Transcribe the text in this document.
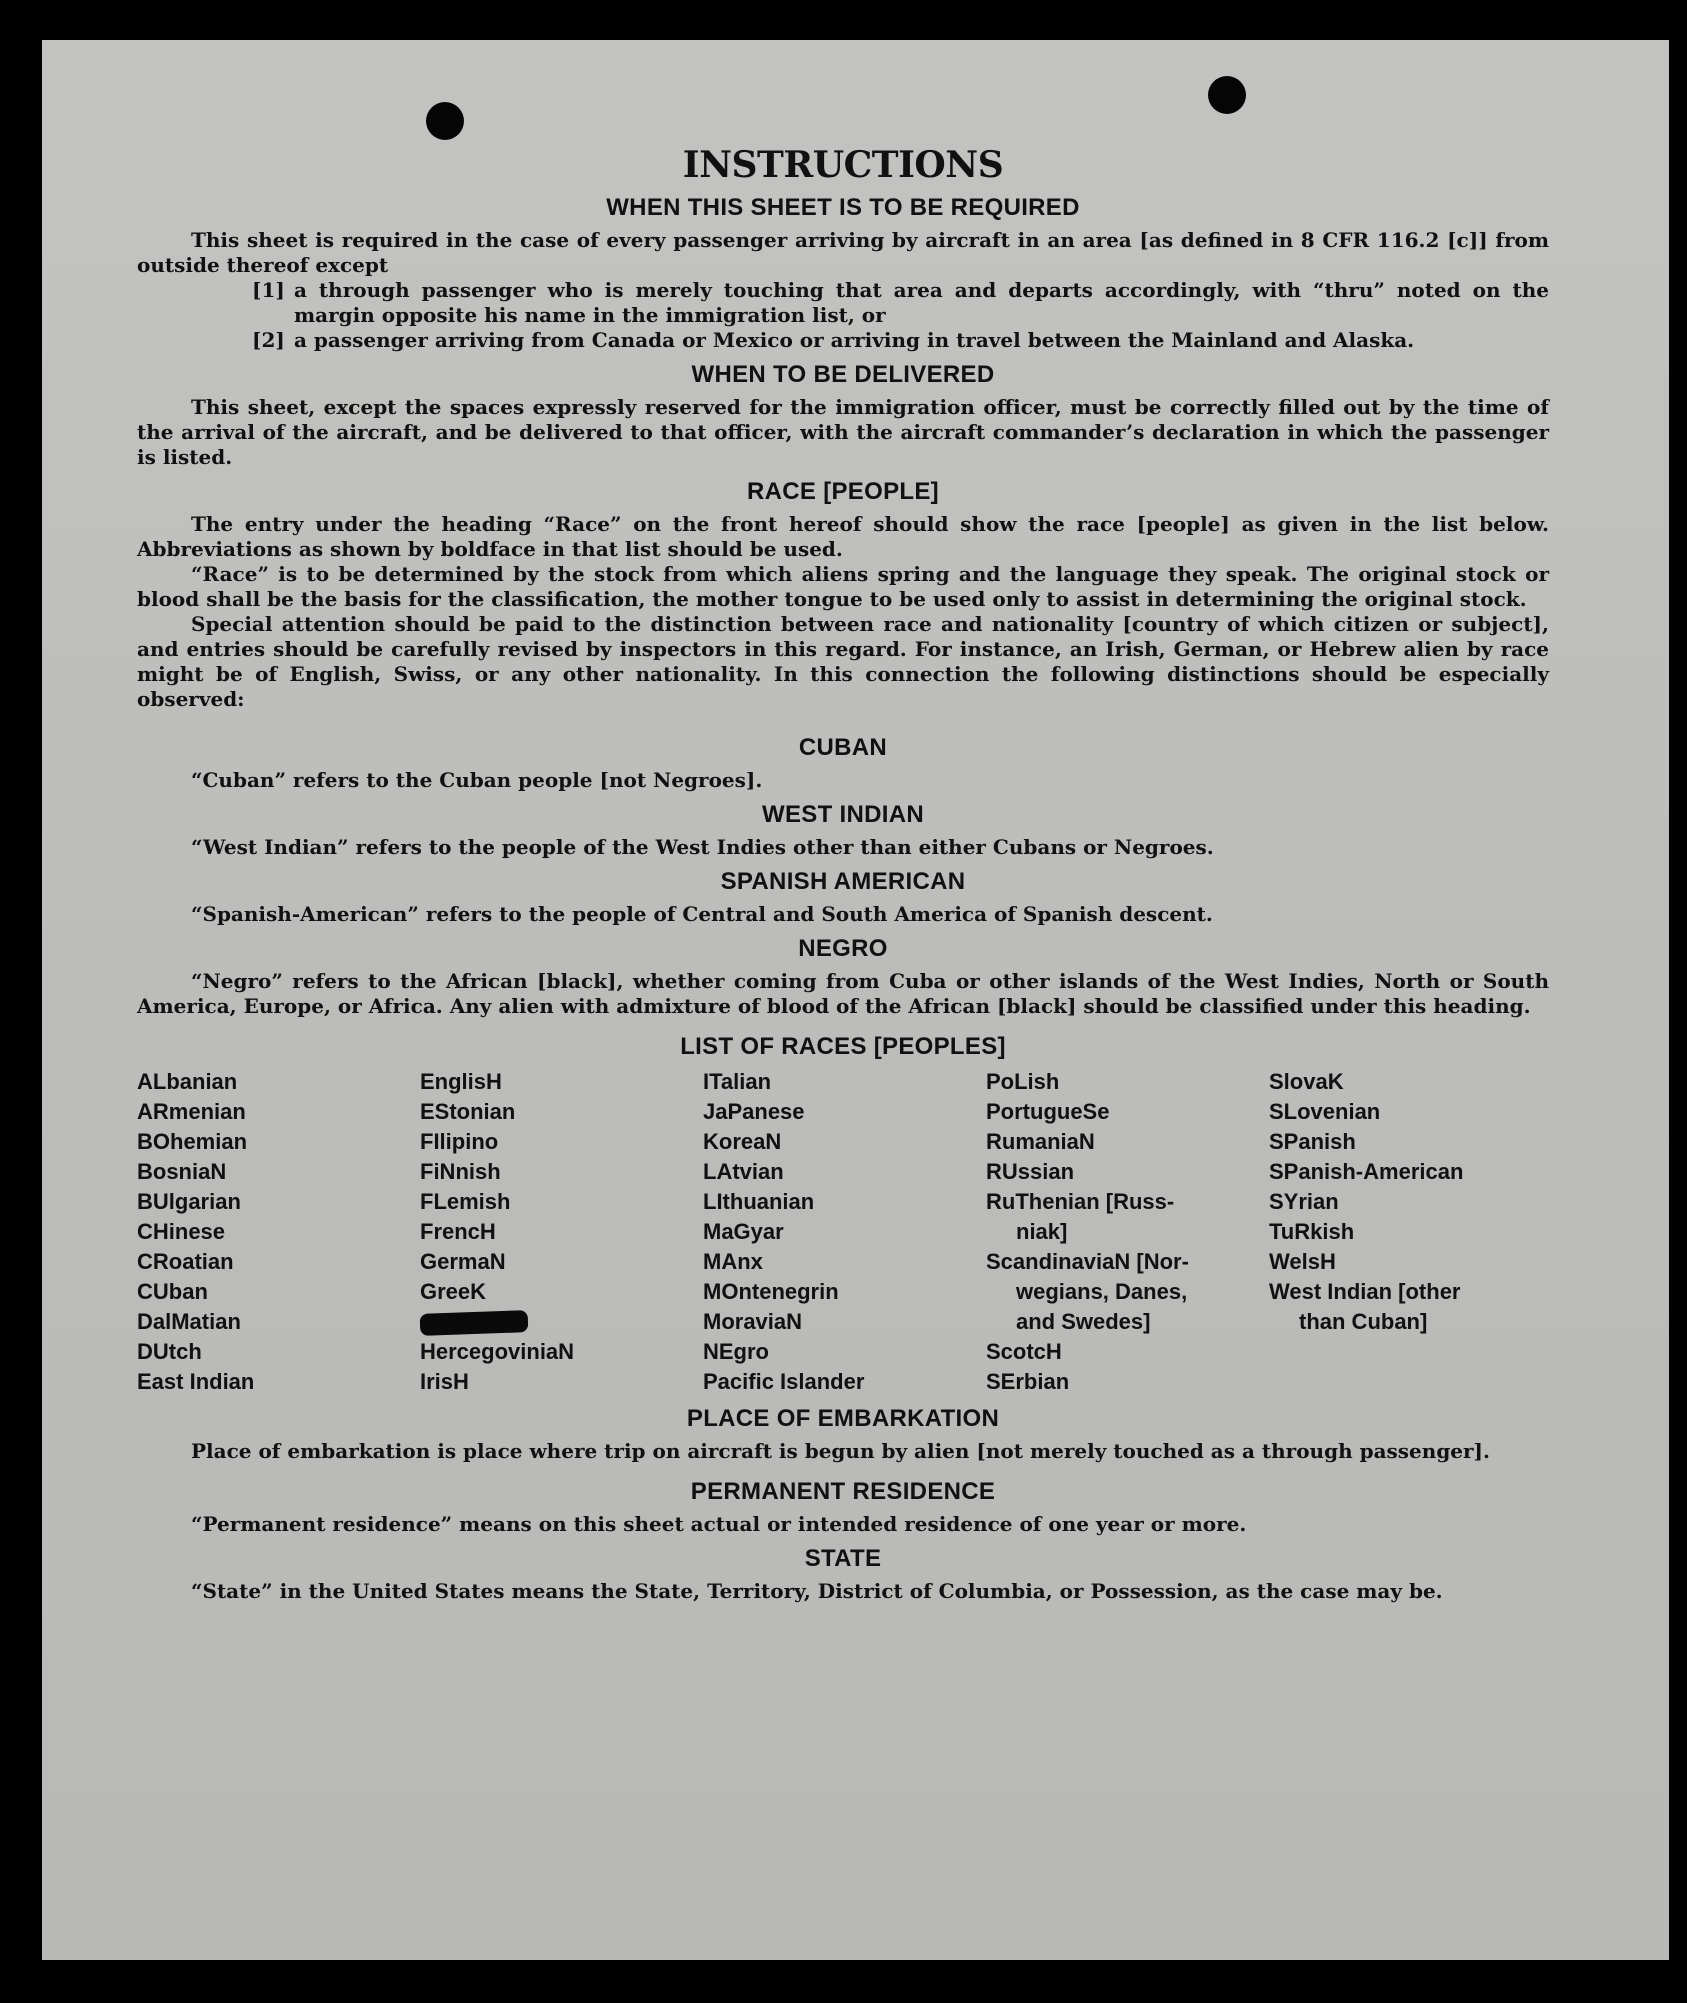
INSTRUCTIONS
WHEN THIS SHEET IS TO BE REQUIRED

This sheet is required in the case of every passenger arriving by aircraft in an area [as defined in 8 CFR 116.2 [c]] from outside thereof except

[1] a through passenger who is merely touching that area and departs accordingly, with “thru” noted on the margin opposite his name in the immigration list, or
[2] a passenger arriving from Canada or Mexico or arriving in travel between the Mainland and Alaska.
WHEN TO BE DELIVERED

This sheet, except the spaces expressly reserved for the immigration officer, must be correctly filled out by the time of the arrival of the aircraft, and be delivered to that officer, with the aircraft commander’s declaration in which the passenger is listed.

RACE [PEOPLE]

The entry under the heading “Race” on the front hereof should show the race [people] as given in the list below. Abbreviations as shown by boldface in that list should be used.

“Race” is to be determined by the stock from which aliens spring and the language they speak. The original stock or blood shall be the basis for the classification, the mother tongue to be used only to assist in determining the original stock.

Special attention should be paid to the distinction between race and nationality [country of which citizen or subject], and entries should be carefully revised by inspectors in this regard. For instance, an Irish, German, or Hebrew alien by race might be of English, Swiss, or any other nationality. In this connection the following distinctions should be especially observed:

CUBAN

“Cuban” refers to the Cuban people [not Negroes].

WEST INDIAN

“West Indian” refers to the people of the West Indies other than either Cubans or Negroes.

SPANISH AMERICAN

“Spanish-American” refers to the people of Central and South America of Spanish descent.

NEGRO

“Negro” refers to the African [black], whether coming from Cuba or other islands of the West Indies, North or South America, Europe, or Africa. Any alien with admixture of blood of the African [black] should be classified under this heading.

LIST OF RACES [PEOPLES]
ALbanian
ARmenian
BOhemian
BosniaN
BUlgarian
CHinese
CRoatian
CUban
DalMatian
DUtch
East Indian
EnglisH
EStonian
FIlipino
FiNnish
FLemish
FrencH
GermaN
GreeK
HercegoviniaN
IrisH
ITalian
JaPanese
KoreaN
LAtvian
LIthuanian
MaGyar
MAnx
MOntenegrin
MoraviaN
NEgro
Pacific Islander
PoLish
PortugueSe
RumaniaN
RUssian
RuThenian [Russ-
niak]
ScandinaviaN [Nor-
wegians, Danes,
and Swedes]
ScotcH
SErbian
SlovaK
SLovenian
SPanish
SPanish-American
SYrian
TuRkish
WelsH
West Indian [other
than Cuban]
PLACE OF EMBARKATION

Place of embarkation is place where trip on aircraft is begun by alien [not merely touched as a through passenger].

PERMANENT RESIDENCE

“Permanent residence” means on this sheet actual or intended residence of one year or more.

STATE

“State” in the United States means the State, Territory, District of Columbia, or Possession, as the case may be.
